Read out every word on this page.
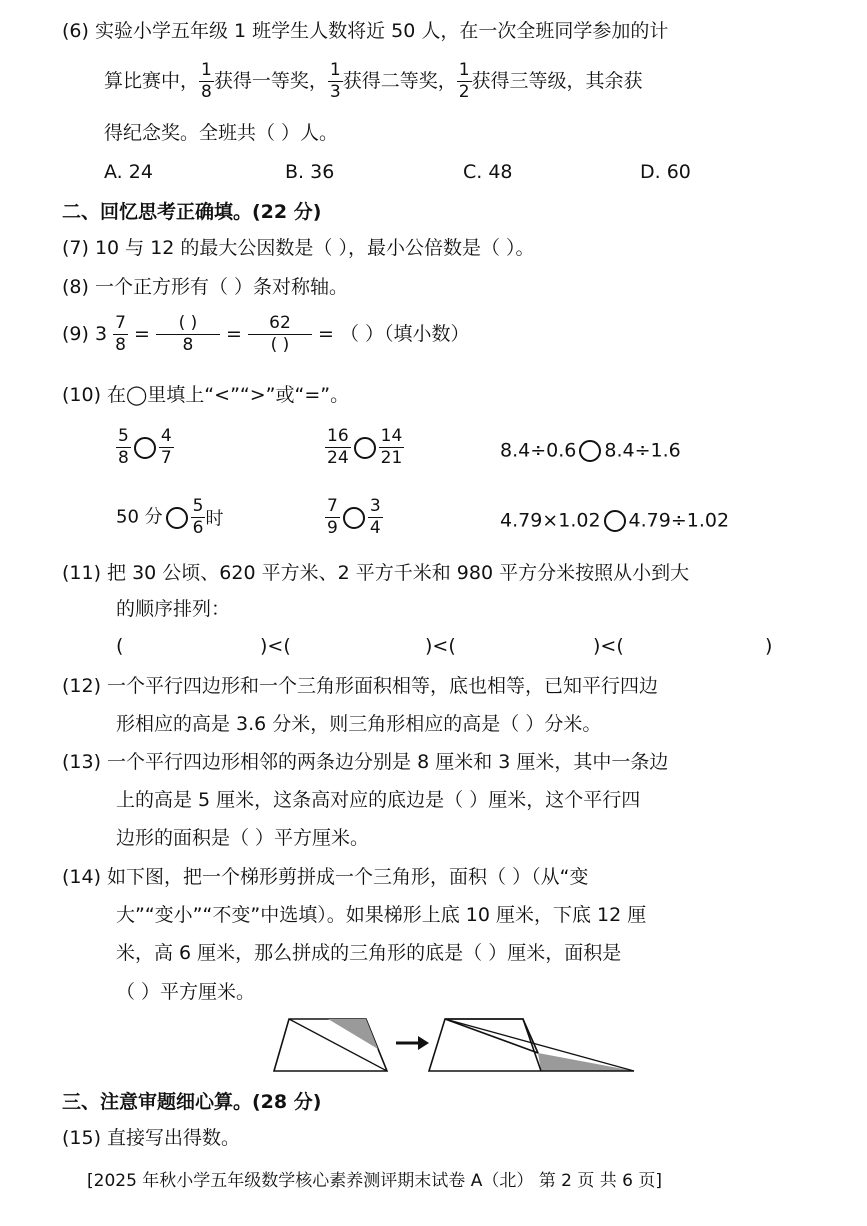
(6) 实验小学五年级 1 班学生人数将近 50 人，在一次全班同学参加的计
算比赛中， $\frac{1}{8}$ 获得一等奖， $\frac{1}{3}$ 获得二等奖， $\frac{1}{2}$ 获得三等级，其余获
得纪念奖。全班共（ ）人。
A. 24	B. 36	C. 48	D. 60
二、回忆思考正确填。(22 分)
(7) 10 与 12 的最大公因数是（ ），最小公倍数是（ ）。
(8) 一个正方形有（ ）条对称轴。
(9) $3 \frac{7}{8} = \frac{( )}{8} = \frac{62}{( )}$ = （ ）（填小数）
(10) 在◯里填上“<”“>”或“=”。
$\frac{5}{8} \frac{4}{7}$	$\frac{16}{24} \frac{14}{21}$	8.4÷0.6 8.4÷1.6
50 分 $\frac{5}{6}$ 时	$\frac{7}{9} \frac{3}{4}$	4.79×1.02 4.79÷1.02
(11) 把 30 公顷、620 平方米、2 平方千米和 980 平方分米按照从小到大
的顺序排列：
(	)<(	)<(	)<(	)
(12) 一个平行四边形和一个三角形面积相等，底也相等，已知平行四边
形相应的高是 3.6 分米，则三角形相应的高是（ ）分米。
(13) 一个平行四边形相邻的两条边分别是 8 厘米和 3 厘米，其中一条边
上的高是 5 厘米，这条高对应的底边是（ ）厘米，这个平行四
边形的面积是（ ）平方厘米。
(14) 如下图，把一个梯形剪拼成一个三角形，面积（ ）（从“变
大”“变小”“不变”中选填）。如果梯形上底 10 厘米，下底 12 厘
米，高 6 厘米，那么拼成的三角形的底是（ ）厘米，面积是
（ ）平方厘米。
三、注意审题细心算。(28 分)
(15) 直接写出得数。
[2025 年秋小学五年级数学核心素养测评期末试卷 A（北） 第 2 页 共 6 页]
